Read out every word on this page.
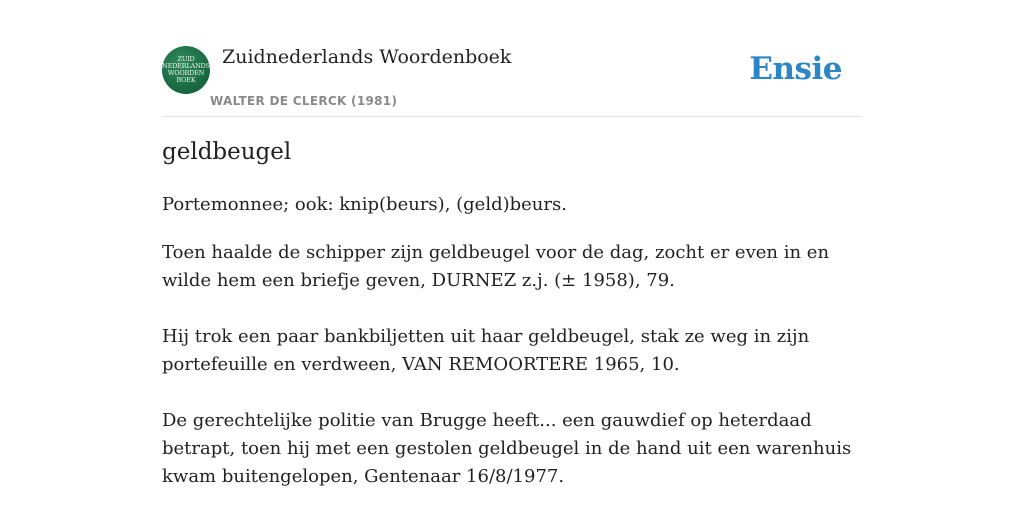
ZUID
NEDERLANDS
WOORDEN
BOEK
Zuidnederlands Woordenboek
WALTER DE CLERCK (1981)
Ensie
geldbeugel

Portemonnee; ook: knip(beurs), (geld)beurs.

Toen haalde de schipper zijn geldbeugel voor de dag, zocht er even in en wilde hem een briefje geven, DURNEZ z.j. (± 1958), 79.

Hij trok een paar bankbiljetten uit haar geldbeugel, stak ze weg in zijn portefeuille en verdween, VAN REMOORTERE 1965, 10.

De gerechtelijke politie van Brugge heeft... een gauwdief op heterdaad betrapt, toen hij met een gestolen geldbeugel in de hand uit een warenhuis kwam buitengelopen, Gentenaar 16/8/1977.
